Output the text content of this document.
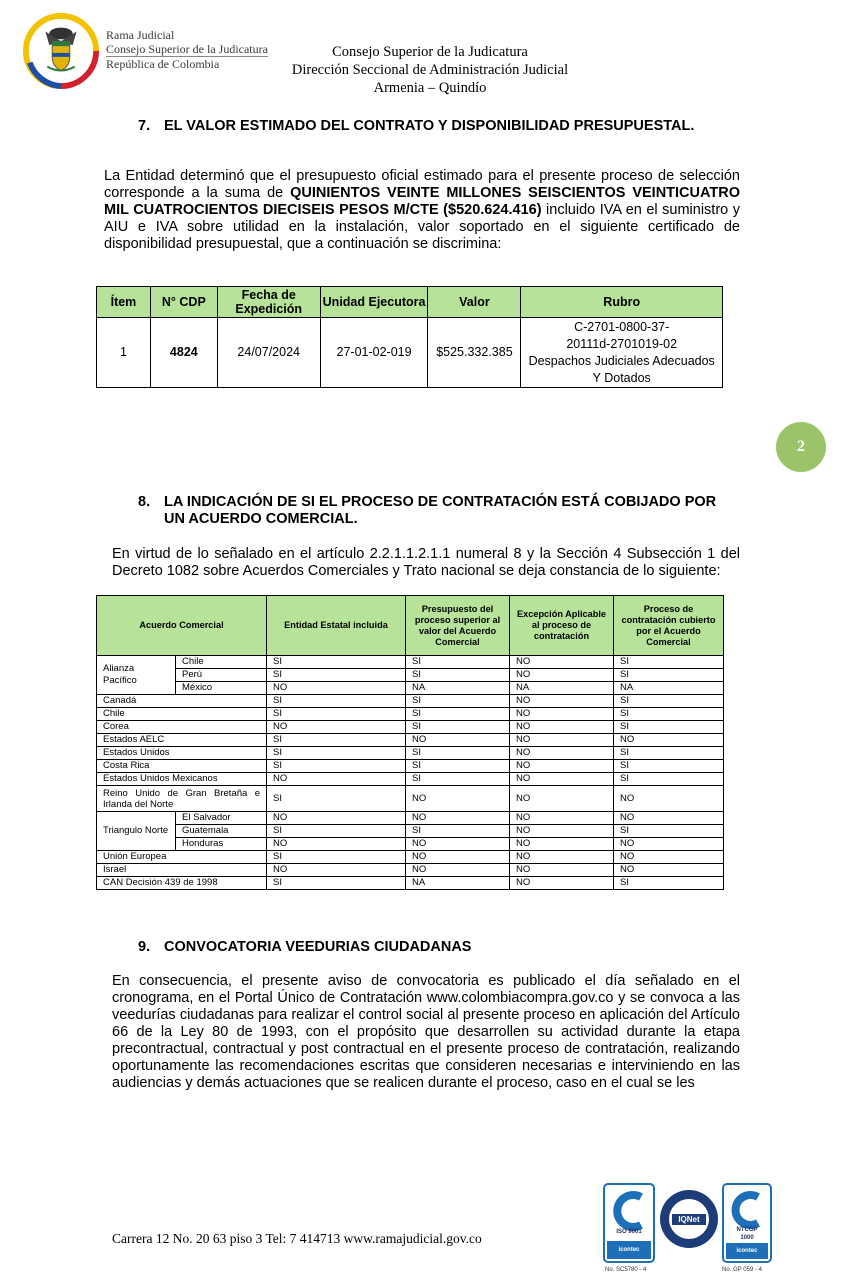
Rama Judicial
Consejo Superior de la Judicatura
República de Colombia
Consejo Superior de la Judicatura
Dirección Seccional de Administración Judicial
Armenia – Quindío
7. EL VALOR ESTIMADO DEL CONTRATO Y DISPONIBILIDAD PRESUPUESTAL.
La Entidad determinó que el presupuesto oficial estimado para el presente proceso de selección corresponde a la suma de QUINIENTOS VEINTE MILLONES SEISCIENTOS VEINTICUATRO MIL CUATROCIENTOS DIECISEIS PESOS M/CTE ($520.624.416) incluido IVA en el suministro y AIU e IVA sobre utilidad en la instalación, valor soportado en el siguiente certificado de disponibilidad presupuestal, que a continuación se discrimina:
Ítem	N° CDP	Fecha de Expedición	Unidad Ejecutora	Valor	Rubro
1	4824	24/07/2024	27-01-02-019	$525.332.385	C-2701-0800-37-
20111d-2701019-02
Despachos Judiciales Adecuados
Y Dotados
2
8. LA INDICACIÓN DE SI EL PROCESO DE CONTRATACIÓN ESTÁ COBIJADO POR
UN ACUERDO COMERCIAL.
En virtud de lo señalado en el artículo 2.2.1.1.2.1.1 numeral 8 y la Sección 4 Subsección 1 del Decreto 1082 sobre Acuerdos Comerciales y Trato nacional se deja constancia de lo siguiente:
Acuerdo Comercial		Entidad Estatal incluida	Presupuesto del proceso superior al valor del Acuerdo Comercial	Excepción Aplicable al proceso de contratación	Proceso de contratación cubierto por el Acuerdo Comercial
Alianza Pacífico	Chile	SI	SI	NO	SI
	Perú	SI	SI	NO	SI
	México	NO	NA	NA	NA
Canadá		SI	SI	NO	SI
Chile		SI	SI	NO	SI
Corea		NO	SI	NO	SI
Estados AELC		SI	NO	NO	NO
Estados Unidos		SI	SI	NO	SI
Costa Rica		SI	SI	NO	SI
Estados Unidos Mexicanos		NO	SI	NO	SI
Reino Unido de Gran Bretaña e Irlanda del Norte		SI	NO	NO	NO
Triangulo Norte	El Salvador	NO	NO	NO	NO
	Guatemala	SI	SI	NO	SI
	Honduras	NO	NO	NO	NO
Unión Europea		SI	NO	NO	NO
Israel		NO	NO	NO	NO
CAN Decisión 439 de 1998		SI	NA	NO	SI
9. CONVOCATORIA VEEDURIAS CIUDADANAS
En consecuencia, el presente aviso de convocatoria es publicado el día señalado en el cronograma, en el Portal Único de Contratación www.colombiacompra.gov.co y se convoca a las veedurías ciudadanas para realizar el control social al presente proceso en aplicación del Artículo 66 de la Ley 80 de 1993, con el propósito que desarrollen su actividad durante la etapa precontractual, contractual y post contractual en el presente proceso de contratación, realizando oportunamente las recomendaciones escritas que consideren necesarias e interviniendo en las audiencias y demás actuaciones que se realicen durante el proceso, caso en el cual se les
Carrera 12 No. 20 63 piso 3 Tel: 7 414713 www.ramajudicial.gov.co	ISO 9001
icontec
No. SC5780 - 4
IQNet
NTCGP
1000
icontec
No. GP 059 - 4
